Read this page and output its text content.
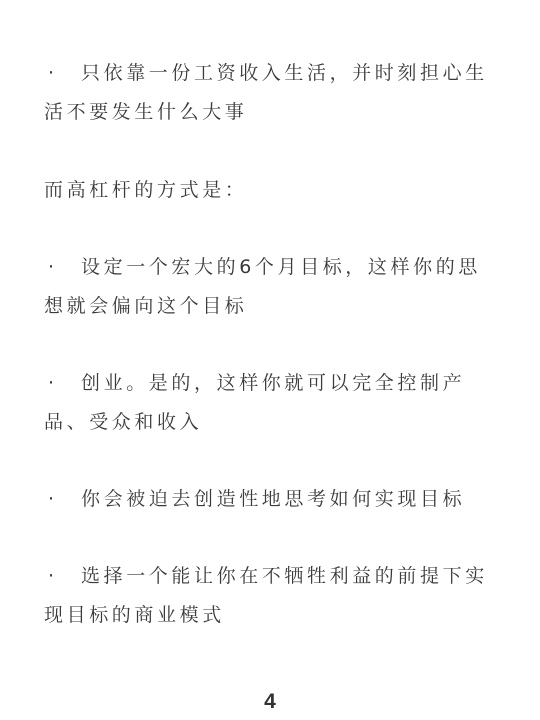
· 只依靠一份工资收入生活，并时刻担心生活不要发生什么大事

而高杠杆的方式是：

· 设定一个宏大的6个月目标，这样你的思想就会偏向这个目标

· 创业。是的，这样你就可以完全控制产品、受众和收入

· 你会被迫去创造性地思考如何实现目标

· 选择一个能让你在不牺牲利益的前提下实现目标的商业模式

4
